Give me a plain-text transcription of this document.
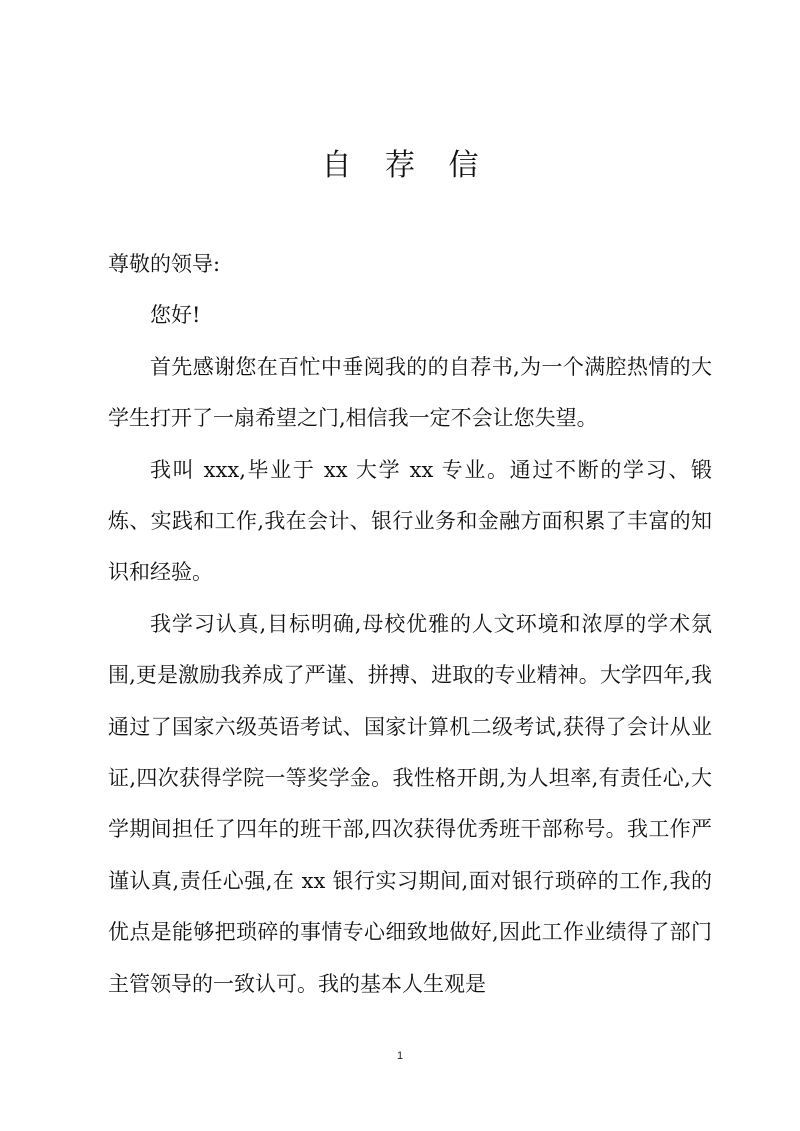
自 荐 信

尊敬的领导:

您好!

首先感谢您在百忙中垂阅我的的自荐书,为一个满腔热情的大学生打开了一扇希望之门,相信我一定不会让您失望。

我叫 xxx,毕业于 xx 大学 xx 专业。通过不断的学习、锻炼、实践和工作,我在会计、银行业务和金融方面积累了丰富的知识和经验。

我学习认真,目标明确,母校优雅的人文环境和浓厚的学术氛围,更是激励我养成了严谨、拼搏、进取的专业精神。大学四年,我通过了国家六级英语考试、国家计算机二级考试,获得了会计从业证,四次获得学院一等奖学金。我性格开朗,为人坦率,有责任心,大学期间担任了四年的班干部,四次获得优秀班干部称号。我工作严谨认真,责任心强,在 xx 银行实习期间,面对银行琐碎的工作,我的优点是能够把琐碎的事情专心细致地做好,因此工作业绩得了部门主管领导的一致认可。我的基本人生观是

1
